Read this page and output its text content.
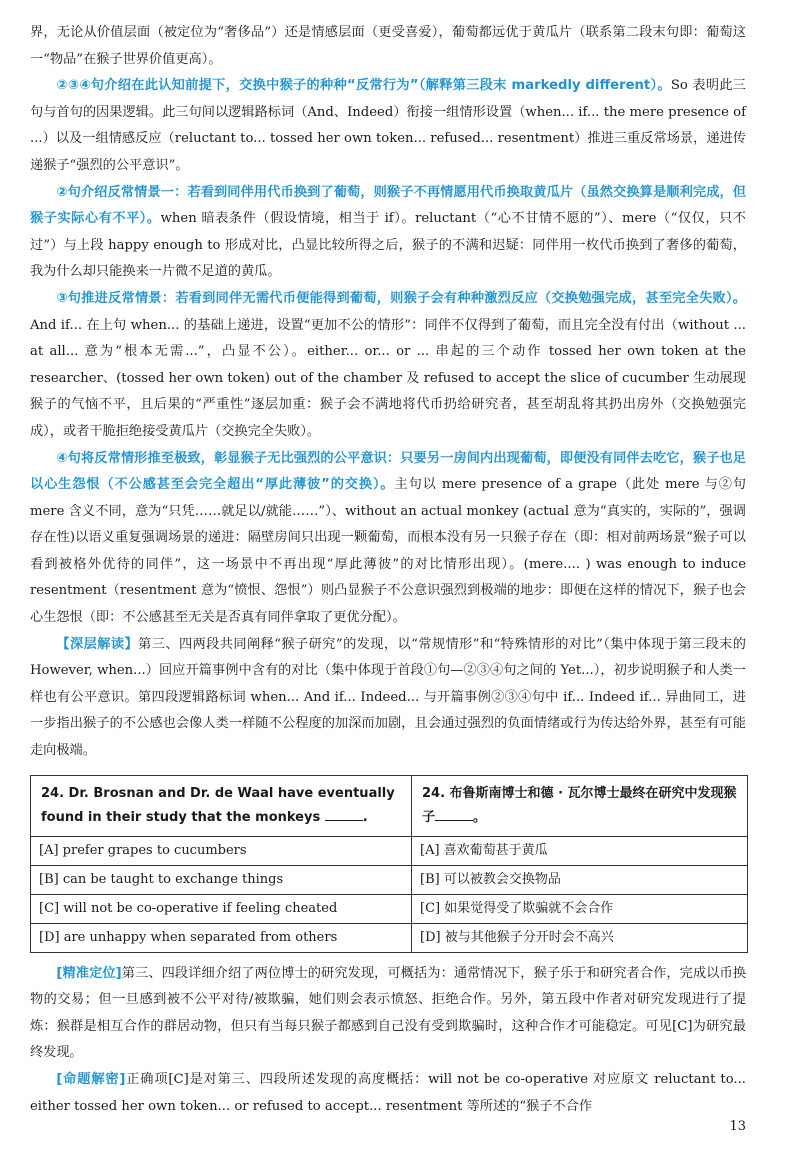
界，无论从价值层面（被定位为“奢侈品”）还是情感层面（更受喜爱），葡萄都远优于黄瓜片（联系第二段末句即：葡萄这一“物品”在猴子世界价值更高）。

②③④句介绍在此认知前提下，交换中猴子的种种“反常行为”（解释第三段末 markedly different）。So 表明此三句与首句的因果逻辑。此三句间以逻辑路标词（And、Indeed）衔接一组情形设置（when... if... the mere presence of ...）以及一组情感反应（reluctant to... tossed her own token... refused... resentment）推进三重反常场景，递进传递猴子“强烈的公平意识”。

②句介绍反常情景一：若看到同伴用代币换到了葡萄，则猴子不再情愿用代币换取黄瓜片（虽然交换算是顺利完成，但猴子实际心有不平）。when 暗表条件（假设情境，相当于 if）。reluctant（“心不甘情不愿的”）、mere（“仅仅，只不过”）与上段 happy enough to 形成对比，凸显比较所得之后，猴子的不满和迟疑：同伴用一枚代币换到了奢侈的葡萄，我为什么却只能换来一片微不足道的黄瓜。

③句推进反常情景：若看到同伴无需代币便能得到葡萄，则猴子会有种种激烈反应（交换勉强完成，甚至完全失败）。And if... 在上句 when... 的基础上递进，设置“更加不公的情形”：同伴不仅得到了葡萄，而且完全没有付出（without ... at all... 意为“根本无需...”，凸显不公）。either... or... or ... 串起的三个动作 tossed her own token at the researcher、(tossed her own token) out of the chamber 及 refused to accept the slice of cucumber 生动展现猴子的气恼不平，且后果的“严重性”逐层加重：猴子会不满地将代币扔给研究者，甚至胡乱将其扔出房外（交换勉强完成），或者干脆拒绝接受黄瓜片（交换完全失败）。

④句将反常情形推至极致，彰显猴子无比强烈的公平意识：只要另一房间内出现葡萄，即便没有同伴去吃它，猴子也足以心生怨恨（不公感甚至会完全超出“厚此薄彼”的交换）。主句以 mere presence of a grape（此处 mere 与②句 mere 含义不同，意为“只凭……就足以/就能……”）、without an actual monkey (actual 意为“真实的，实际的”，强调存在性)以语义重复强调场景的递进：隔壁房间只出现一颗葡萄，而根本没有另一只猴子存在（即：相对前两场景“猴子可以看到被格外优待的同伴”，这一场景中不再出现“厚此薄彼”的对比情形出现）。(mere.... ) was enough to induce resentment（resentment 意为“愤恨、怨恨”）则凸显猴子不公意识强烈到极端的地步：即便在这样的情况下，猴子也会心生怨恨（即：不公感甚至无关是否真有同伴拿取了更优分配）。

【深层解读】第三、四两段共同阐释“猴子研究”的发现，以“常规情形”和“特殊情形的对比”（集中体现于第三段末的 However, when...）回应开篇事例中含有的对比（集中体现于首段①句—②③④句之间的 Yet...），初步说明猴子和人类一样也有公平意识。第四段逻辑路标词 when... And if... Indeed... 与开篇事例②③④句中 if... Indeed if... 异曲同工，进一步指出猴子的不公感也会像人类一样随不公程度的加深而加剧，且会通过强烈的负面情绪或行为传达给外界，甚至有可能走向极端。

24. Dr. Brosnan and Dr. de Waal have eventually found in their study that the monkeys .	24. 布鲁斯南博士和德 · 瓦尔博士最终在研究中发现猴子 。
[A] prefer grapes to cucumbers	[A] 喜欢葡萄甚于黄瓜
[B] can be taught to exchange things	[B] 可以被教会交换物品
[C] will not be co-operative if feeling cheated	[C] 如果觉得受了欺骗就不会合作
[D] are unhappy when separated from others	[D] 被与其他猴子分开时会不高兴

[精准定位]第三、四段详细介绍了两位博士的研究发现，可概括为：通常情况下，猴子乐于和研究者合作，完成以币换物的交易；但一旦感到被不公平对待/被欺骗，她们则会表示愤怒、拒绝合作。另外，第五段中作者对研究发现进行了提炼：猴群是相互合作的群居动物，但只有当每只猴子都感到自己没有受到欺骗时，这种合作才可能稳定。可见[C]为研究最终发现。

[命题解密]正确项[C]是对第三、四段所述发现的高度概括：will not be co-operative 对应原文 reluctant to... either tossed her own token... or refused to accept... resentment 等所述的“猴子不合作

13
